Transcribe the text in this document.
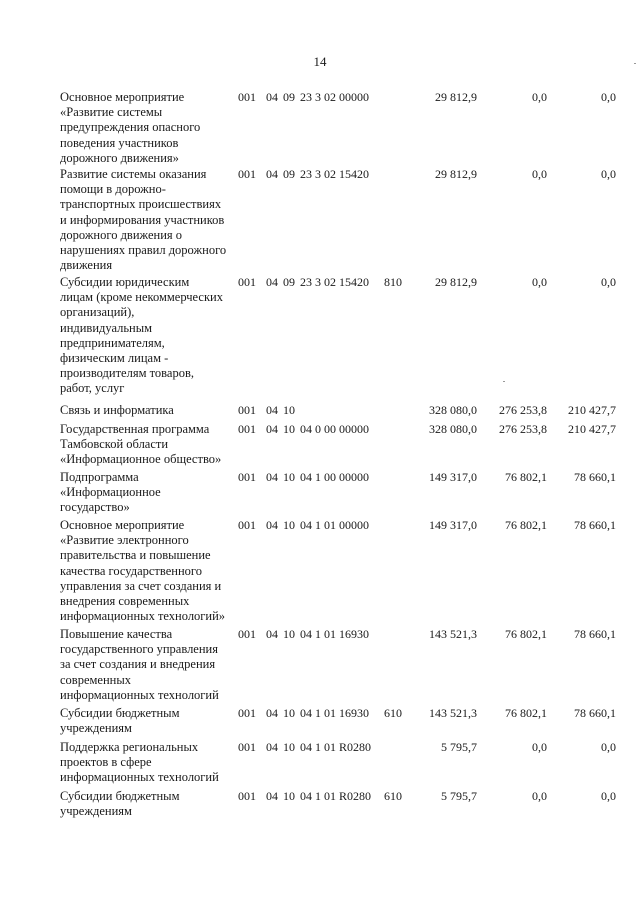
14
Основное мероприятие
«Развитие системы
предупреждения опасного
поведения участников
дорожного движения»
001 04 09 23 3 02 00000	29 812,9	0,0	0,0
Развитие системы оказания
помощи в дорожно-
транспортных происшествиях
и информирования участников
дорожного движения о
нарушениях правил дорожного
движения
001 04 09 23 3 02 15420	29 812,9	0,0	0,0
Субсидии юридическим
лицам (кроме некоммерческих
организаций),
индивидуальным
предпринимателям,
физическим лицам -
производителям товаров,
работ, услуг
001 04 09 23 3 02 15420 810	29 812,9	0,0	0,0
Связь и информатика	001 04 10	328 080,0	276 253,8	210 427,7
Государственная программа
Тамбовской области
«Информационное общество»
001 04 10 04 0 00 00000	328 080,0	276 253,8	210 427,7
Подпрограмма
«Информационное
государство»
001 04 10 04 1 00 00000	149 317,0	76 802,1	78 660,1
Основное мероприятие
«Развитие электронного
правительства и повышение
качества государственного
управления за счет создания и
внедрения современных
информационных технологий»
001 04 10 04 1 01 00000	149 317,0	76 802,1	78 660,1
Повышение качества
государственного управления
за счет создания и внедрения
современных
информационных технологий
001 04 10 04 1 01 16930	143 521,3	76 802,1	78 660,1
Субсидии бюджетным
учреждениям
001 04 10 04 1 01 16930 610	143 521,3	76 802,1	78 660,1
Поддержка региональных
проектов в сфере
информационных технологий
001 04 10 04 1 01 R0280	5 795,7	0,0	0,0
Субсидии бюджетным
учреждениям
001 04 10 04 1 01 R0280 610	5 795,7	0,0	0,0
